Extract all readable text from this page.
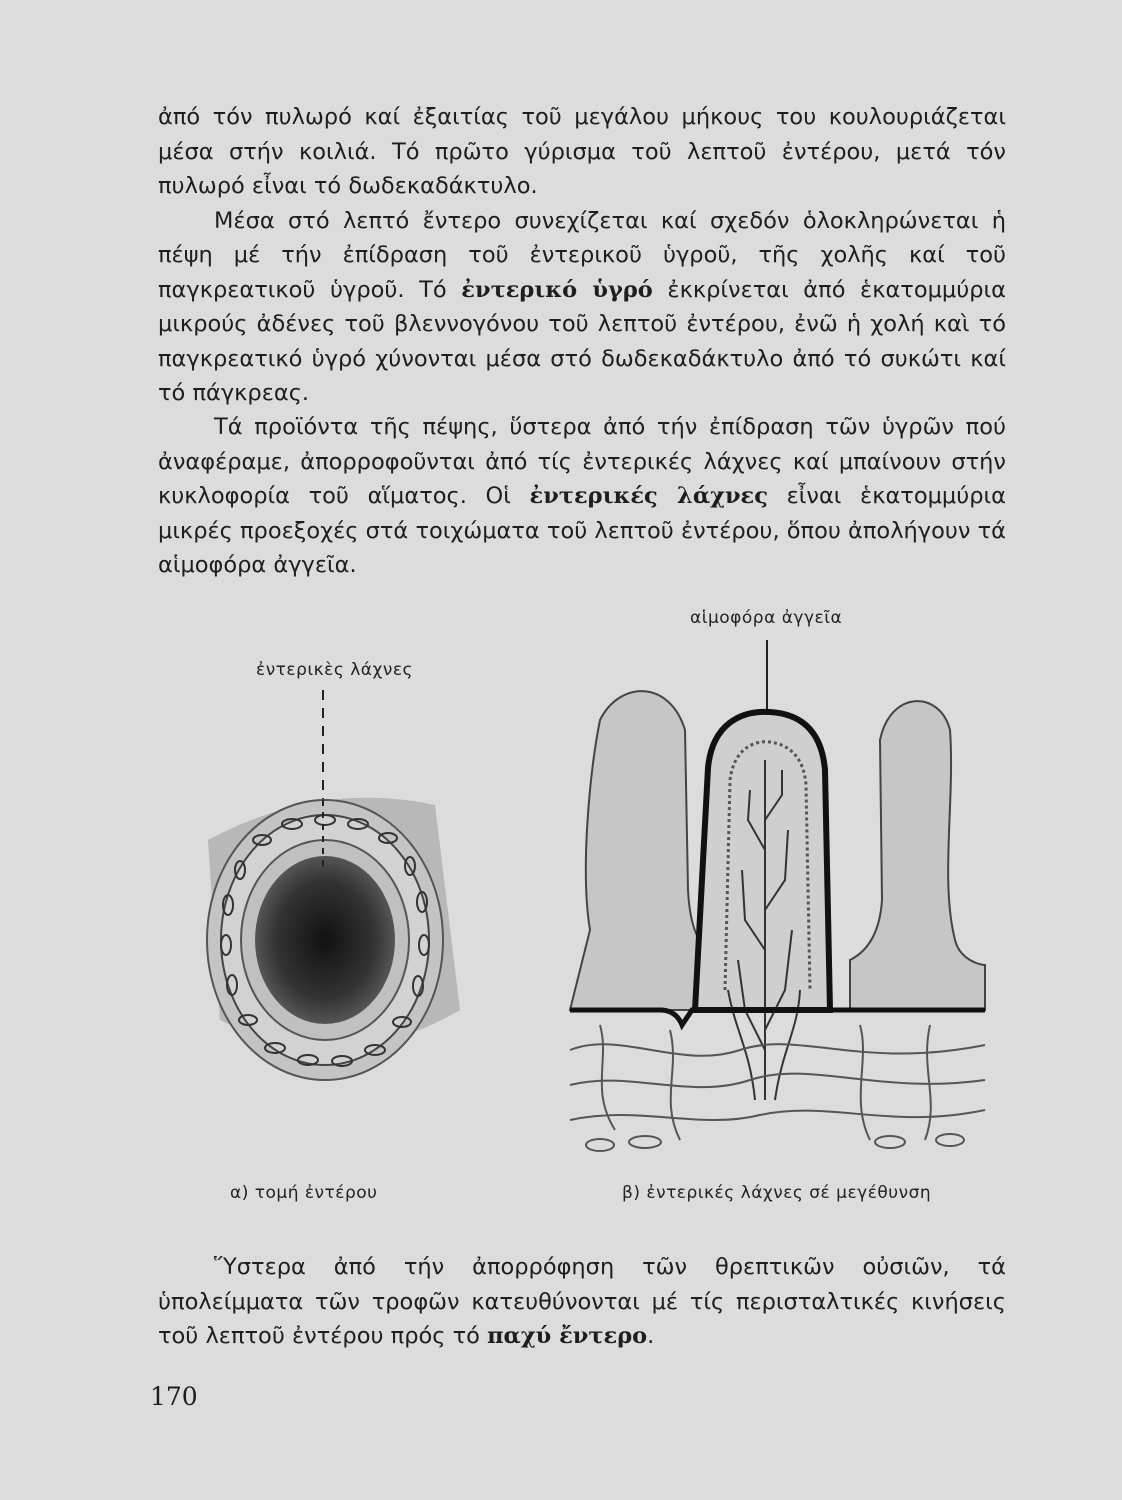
ἀπό τόν πυλωρό καί ἐξαιτίας τοῦ μεγάλου μήκους του κουλουριάζεται μέσα στήν κοιλιά. Τό πρῶτο γύρισμα τοῦ λεπτοῦ ἐντέρου, μετά τόν πυλωρό εἶναι τό δωδεκαδάκτυλο.

Μέσα στό λεπτό ἔντερο συνεχίζεται καί σχεδόν ὁλοκληρώνεται ἡ πέψη μέ τήν ἐπίδραση τοῦ ἐντερικοῦ ὑγροῦ, τῆς χολῆς καί τοῦ παγκρεατικοῦ ὑγροῦ. Τό ἐντερικό ὑγρό ἐκκρίνεται ἀπό ἑκατομμύρια μικρούς ἀδένες τοῦ βλεννογόνου τοῦ λεπτοῦ ἐντέρου, ἐνῶ ἡ χολή καὶ τό παγκρεατικό ὑγρό χύνονται μέσα στό δωδεκαδάκτυλο ἀπό τό συκώτι καί τό πάγκρεας.

Τά προϊόντα τῆς πέψης, ὕστερα ἀπό τήν ἐπίδραση τῶν ὑγρῶν πού ἀναφέραμε, ἀπορροφοῦνται ἀπό τίς ἐντερικές λάχνες καί μπαίνουν στήν κυκλοφορία τοῦ αἵματος. Οἱ ἐντερικές λάχνες εἶναι ἑκατομμύρια μικρές προεξοχές στά τοιχώματα τοῦ λεπτοῦ ἐντέρου, ὅπου ἀπολήγουν τά αἱμοφόρα ἀγγεῖα.

ἐντερικὲς λάχνες
αἱμοφόρα ἀγγεῖα
α) τομή ἐντέρου	β) ἐντερικές λάχνες σέ μεγέθυνση

Ὕστερα ἀπό τήν ἀπορρόφηση τῶν θρεπτικῶν οὐσιῶν, τά ὑπολείμματα τῶν τροφῶν κατευθύνονται μέ τίς περισταλτικές κινήσεις τοῦ λεπτοῦ ἐντέρου πρός τό παχύ ἔντερο.

170
